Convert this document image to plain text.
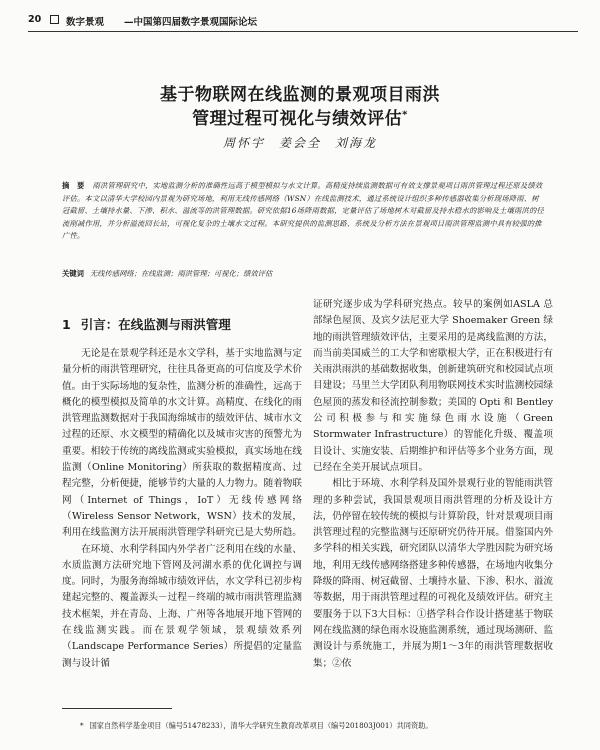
20	数字景观 —中国第四届数字景观国际论坛
基于物联网在线监测的景观项目雨洪
管理过程可视化与绩效评估*
周怀宇　姜会全　刘海龙
摘　要 雨洪管理研究中，实地监测分析的准确性远高于模型模拟与水文计算。高精度持续监测数据可有效支撑景观项目雨洪管理过程还原及绩效评估。本文以清华大学校园内景观为研究场地，利用无线传感网络（WSN）在线监测技术，通过系统设计组织多种传感器收集分析现场降雨、树冠截留、土壤持水量、下渗、积水、溢流等的洪管理数据。研究依据16场降雨数据，定量评估了场地树木对截留及持水稳水的影响及土壤雨洪的径流削减作用，并分析溢流回长站，可视化复杂的土壤水文过程。本研究提供的监测思路、系统及分析方法在景观项目雨洪管理监测中具有较强的推广性。
关键词 无线传感网络；在线监测；雨洪管理；可视化；绩效评估
1 引言：在线监测与雨洪管理

无论是在景观学科还是水文学科，基于实地监测与定量分析的雨洪管理研究，往往具备更高的可信度及学术价值。由于实际场地的复杂性，监测分析的准确性，远高于概化的模型模拟及简单的水文计算。高精度、在线化的雨洪管理监测数据对于我国海绵城市的绩效评估、城市水文过程的还原、水文模型的精确化以及城市灾害的预警尤为重要。相较于传统的离线监测或实验模拟，真实场地在线监测（Online Monitoring）所获取的数据精度高、过程完整，分析便捷，能够节约大量的人力物力。随着物联网（Internet of Things，IoT）无线传感网络（Wireless Sensor Network，WSN）技术的发展，利用在线监测方法开展雨洪管理学科研究已是大势所趋。

在环境、水利学科国内外学者广泛利用在线的水量、水质监测方法研究地下管网及河湖水系的优化调控与调度。同时，为服务海绵城市绩效评估，水文学科已初步构建起完整的、覆盖源头－过程－终端的城市雨洪管理监测技术框架，并在青岛、上海、广州等各地展开地下管网的在线监测实践。而在景观学领域，景观绩效系列（Landscape Performance Series）所提倡的定量监测与设计循

证研究逐步成为学科研究热点。较早的案例如ASLA 总部绿色屋顶、及宾夕法尼亚大学 Shoemaker Green 绿地的雨洪管理绩效评估，主要采用的是离线监测的方法，而当前美国威兰的工大学和密歇根大学，正在积极进行有关雨洪雨洪的基础数据收集，创新建筑研究和校园试点项目建设；马里兰大学团队利用物联网技术实时监测校园绿色屋顶的蒸发和径流控制参数；美国的 Opti 和 Bentley 公司积极参与和实施绿色雨水设施（Green Stormwater Infrastructure）的智能化升级、覆盖项目设计、实施安装、后期维护和评估等多个业务方面，现已经在全美开展试点项目。

相比于环境、水利学科及国外景观行业的智能雨洪管理的多种尝试，我国景观项目雨洪管理的分析及设计方法，仍停留在较传统的模拟与计算阶段，针对景观项目雨洪管理过程的完整监测与还原研究仍待开展。借鉴国内外多学科的相关实践，研究团队以清华大学胜因院为研究场地，利用无线传感网络搭建多种传感器，在场地内收集分降级的降雨、树冠截留、土壤持水量、下渗、积水、溢流等数据，用于雨洪管理过程的可视化及绩效评估。研究主要服务于以下3大目标：①搭学科合作设计搭建基于物联网在线监测的绿色雨水设施监测系统，通过现场测研、监测设计与系统施工，并展为期1～3年的雨洪管理数据收集；②依

* 国家自然科学基金项目（编号51478233），清华大学研究生教育改革项目（编号201803J001）共同资助。
